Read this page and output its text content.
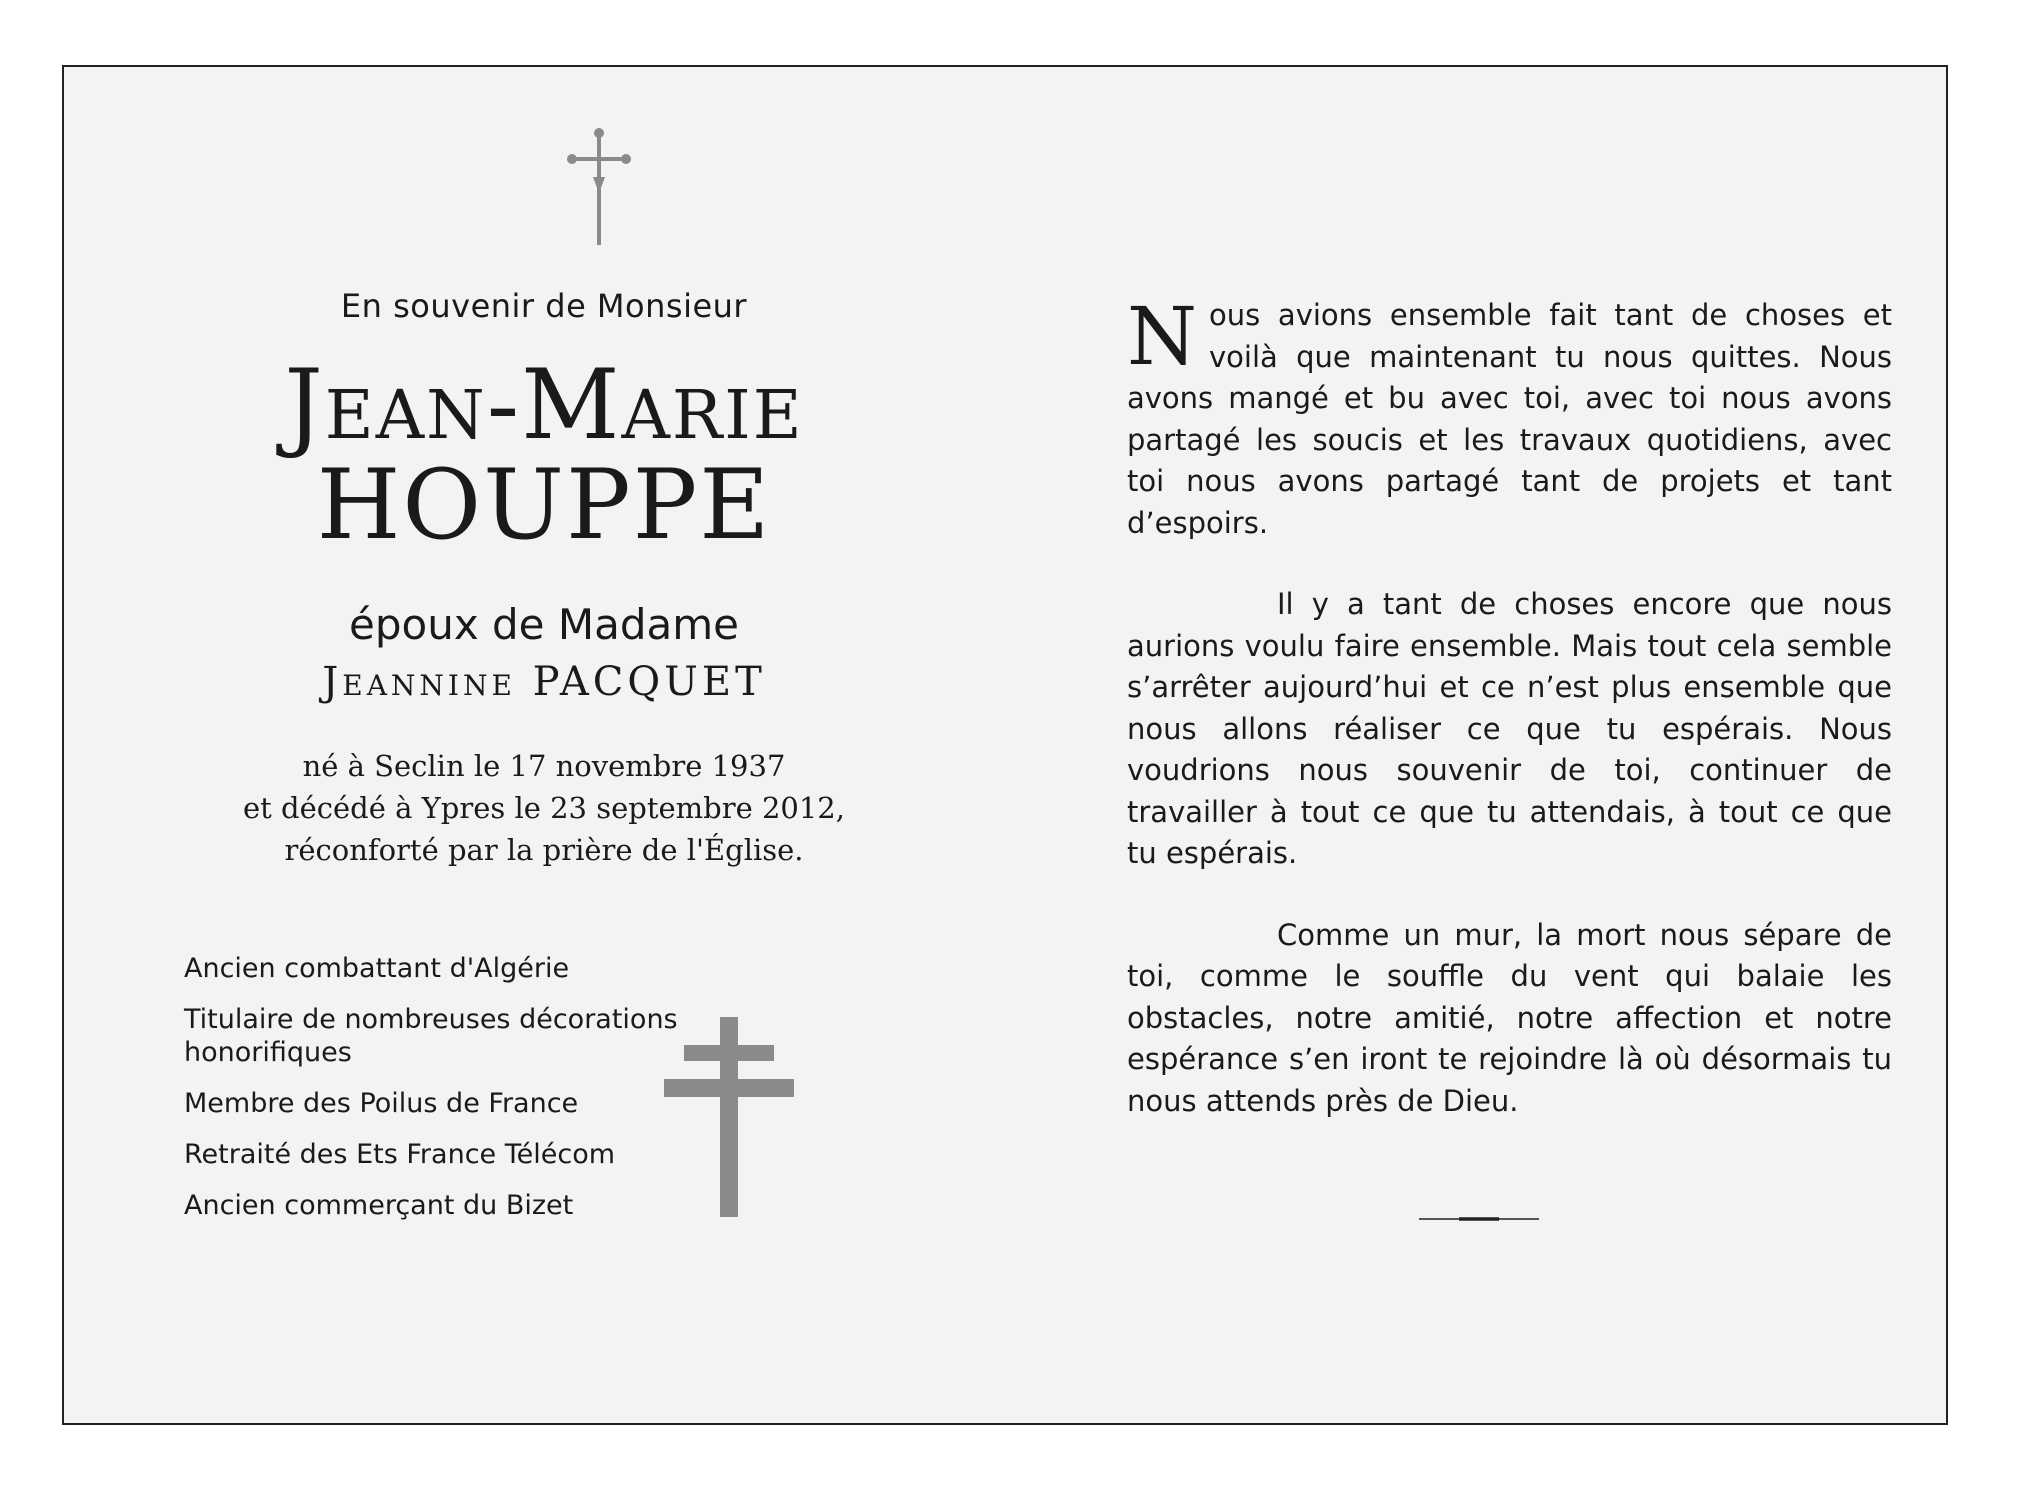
En souvenir de Monsieur

Jean-Marie

HOUPPE

époux de Madame

Jeannine PACQUET

né à Seclin le 17 novembre 1937
et décédé à Ypres le 23 septembre 2012,
réconforté par la prière de l'Église.
Ancien combattant d'Algérie
Titulaire de nombreuses décorations honorifiques
Membre des Poilus de France
Retraité des Ets France Télécom
Ancien commerçant du Bizet

N ous avions ensemble fait tant de choses et voilà que maintenant tu nous quittes. Nous avons mangé et bu avec toi, avec toi nous avons partagé les soucis et les travaux quotidiens, avec toi nous avons partagé tant de projets et tant d’espoirs.

Il y a tant de choses encore que nous aurions voulu faire ensemble. Mais tout cela semble s’arrêter aujourd’hui et ce n’est plus ensemble que nous allons réaliser ce que tu espérais. Nous voudrions nous souvenir de toi, continuer de travailler à tout ce que tu attendais, à tout ce que tu espérais.

Comme un mur, la mort nous sépare de toi, comme le souffle du vent qui balaie les obstacles, notre amitié, notre affection et notre espérance s’en iront te rejoindre là où désormais tu nous attends près de Dieu.
